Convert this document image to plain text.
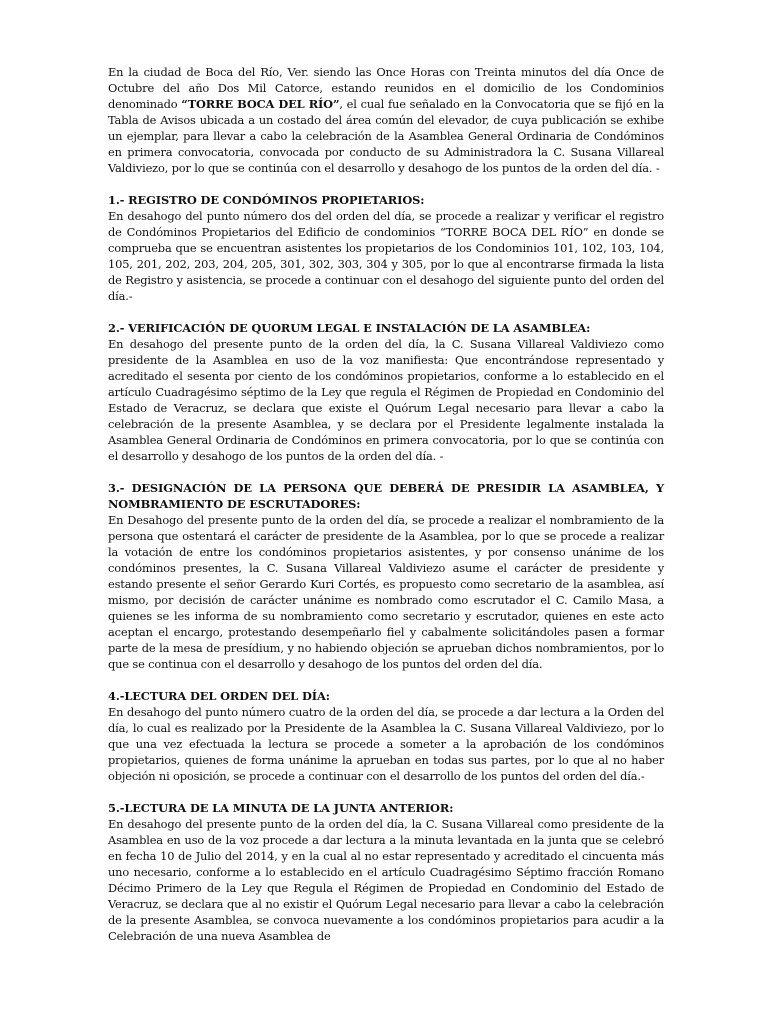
En la ciudad de Boca del Río, Ver. siendo las Once Horas con Treinta minutos del día Once de Octubre del año Dos Mil Catorce, estando reunidos en el domicilio de los Condominios denominado “TORRE BOCA DEL RÍO”, el cual fue señalado en la Convocatoria que se fijó en la Tabla de Avisos ubicada a un costado del área común del elevador, de cuya publicación se exhibe un ejemplar, para llevar a cabo la celebración de la Asamblea General Ordinaria de Condóminos en primera convocatoria, convocada por conducto de su Administradora la C. Susana Villareal Valdiviezo, por lo que se continúa con el desarrollo y desahogo de los puntos de la orden del día. -

1.- REGISTRO DE CONDÓMINOS PROPIETARIOS:

En desahogo del punto número dos del orden del día, se procede a realizar y verificar el registro de Condóminos Propietarios del Edificio de condominios “TORRE BOCA DEL RÍO” en donde se comprueba que se encuentran asistentes los propietarios de los Condominios 101, 102, 103, 104, 105, 201, 202, 203, 204, 205, 301, 302, 303, 304 y 305, por lo que al encontrarse firmada la lista de Registro y asistencia, se procede a continuar con el desahogo del siguiente punto del orden del día.-

2.- VERIFICACIÓN DE QUORUM LEGAL E INSTALACIÓN DE LA ASAMBLEA:

En desahogo del presente punto de la orden del día, la C. Susana Villareal Valdiviezo como presidente de la Asamblea en uso de la voz manifiesta: Que encontrándose representado y acreditado el sesenta por ciento de los condóminos propietarios, conforme a lo establecido en el artículo Cuadragésimo séptimo de la Ley que regula el Régimen de Propiedad en Condominio del Estado de Veracruz, se declara que existe el Quórum Legal necesario para llevar a cabo la celebración de la presente Asamblea, y se declara por el Presidente legalmente instalada la Asamblea General Ordinaria de Condóminos en primera convocatoria, por lo que se continúa con el desarrollo y desahogo de los puntos de la orden del día. -

3.- DESIGNACIÓN DE LA PERSONA QUE DEBERÁ DE PRESIDIR LA ASAMBLEA, Y NOMBRAMIENTO DE ESCRUTADORES:

En Desahogo del presente punto de la orden del día, se procede a realizar el nombramiento de la persona que ostentará el carácter de presidente de la Asamblea, por lo que se procede a realizar la votación de entre los condóminos propietarios asistentes, y por consenso unánime de los condóminos presentes, la C. Susana Villareal Valdiviezo asume el carácter de presidente y estando presente el señor Gerardo Kuri Cortés, es propuesto como secretario de la asamblea, así mismo, por decisión de carácter unánime es nombrado como escrutador el C. Camilo Masa, a quienes se les informa de su nombramiento como secretario y escrutador, quienes en este acto aceptan el encargo, protestando desempeñarlo fiel y cabalmente solicitándoles pasen a formar parte de la mesa de presídium, y no habiendo objeción se aprueban dichos nombramientos, por lo que se continua con el desarrollo y desahogo de los puntos del orden del día.

4.-LECTURA DEL ORDEN DEL DÍA:

En desahogo del punto número cuatro de la orden del día, se procede a dar lectura a la Orden del día, lo cual es realizado por la Presidente de la Asamblea la C. Susana Villareal Valdiviezo, por lo que una vez efectuada la lectura se procede a someter a la aprobación de los condóminos propietarios, quienes de forma unánime la aprueban en todas sus partes, por lo que al no haber objeción ni oposición, se procede a continuar con el desarrollo de los puntos del orden del día.-

5.-LECTURA DE LA MINUTA DE LA JUNTA ANTERIOR:

En desahogo del presente punto de la orden del día, la C. Susana Villareal como presidente de la Asamblea en uso de la voz procede a dar lectura a la minuta levantada en la junta que se celebró en fecha 10 de Julio del 2014, y en la cual al no estar representado y acreditado el cincuenta más uno necesario, conforme a lo establecido en el artículo Cuadragésimo Séptimo fracción Romano Décimo Primero de la Ley que Regula el Régimen de Propiedad en Condominio del Estado de Veracruz, se declara que al no existir el Quórum Legal necesario para llevar a cabo la celebración de la presente Asamblea, se convoca nuevamente a los condóminos propietarios para acudir a la Celebración de una nueva Asamblea de
